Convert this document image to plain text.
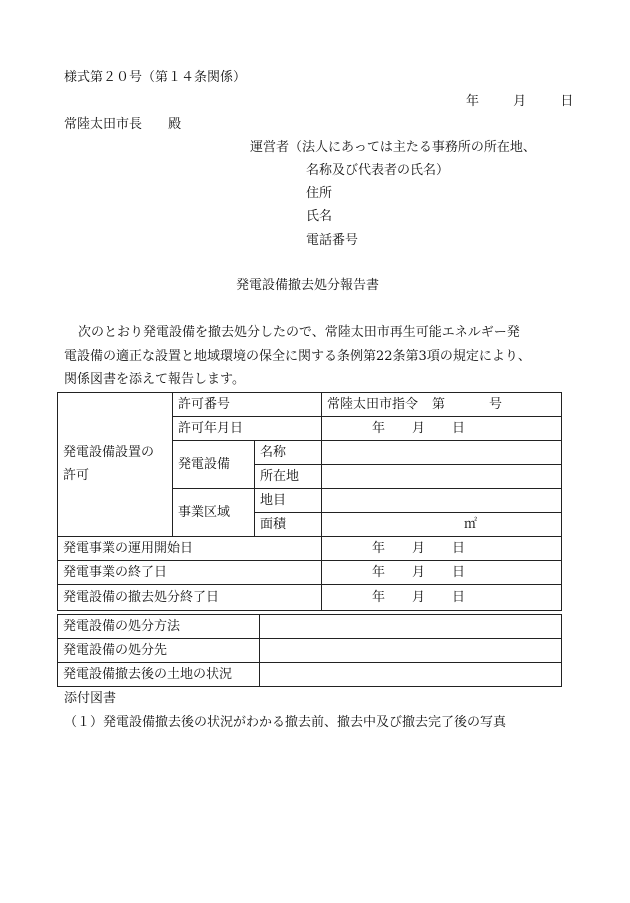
様式第２０号（第１４条関係）
年	月	日
常陸太田市長 殿
運営者（法人にあっては主たる事務所の所在地、
名称及び代表者の氏名）
住所
氏名
電話番号
発電設備撤去処分報告書
次のとおり発電設備を撤去処分したので、常陸太田市再生可能エネルギー発
電設備の適正な設置と地域環境の保全に関する条例第22条第3項の規定により、
関係図書を添えて報告します。
発電設備設置の許可	許可番号		常陸太田市指令 第 号
	許可年月日		年 月 日
	発電設備	名称	
		所在地	
	事業区域	地目	
		面積	㎡
発電事業の運用開始日			年 月 日
発電事業の終了日			年 月 日
発電設備の撤去処分終了日			年 月 日
発電設備の処分方法	
発電設備の処分先	
発電設備撤去後の土地の状況	
添付図書
（１）発電設備撤去後の状況がわかる撤去前、撤去中及び撤去完了後の写真
